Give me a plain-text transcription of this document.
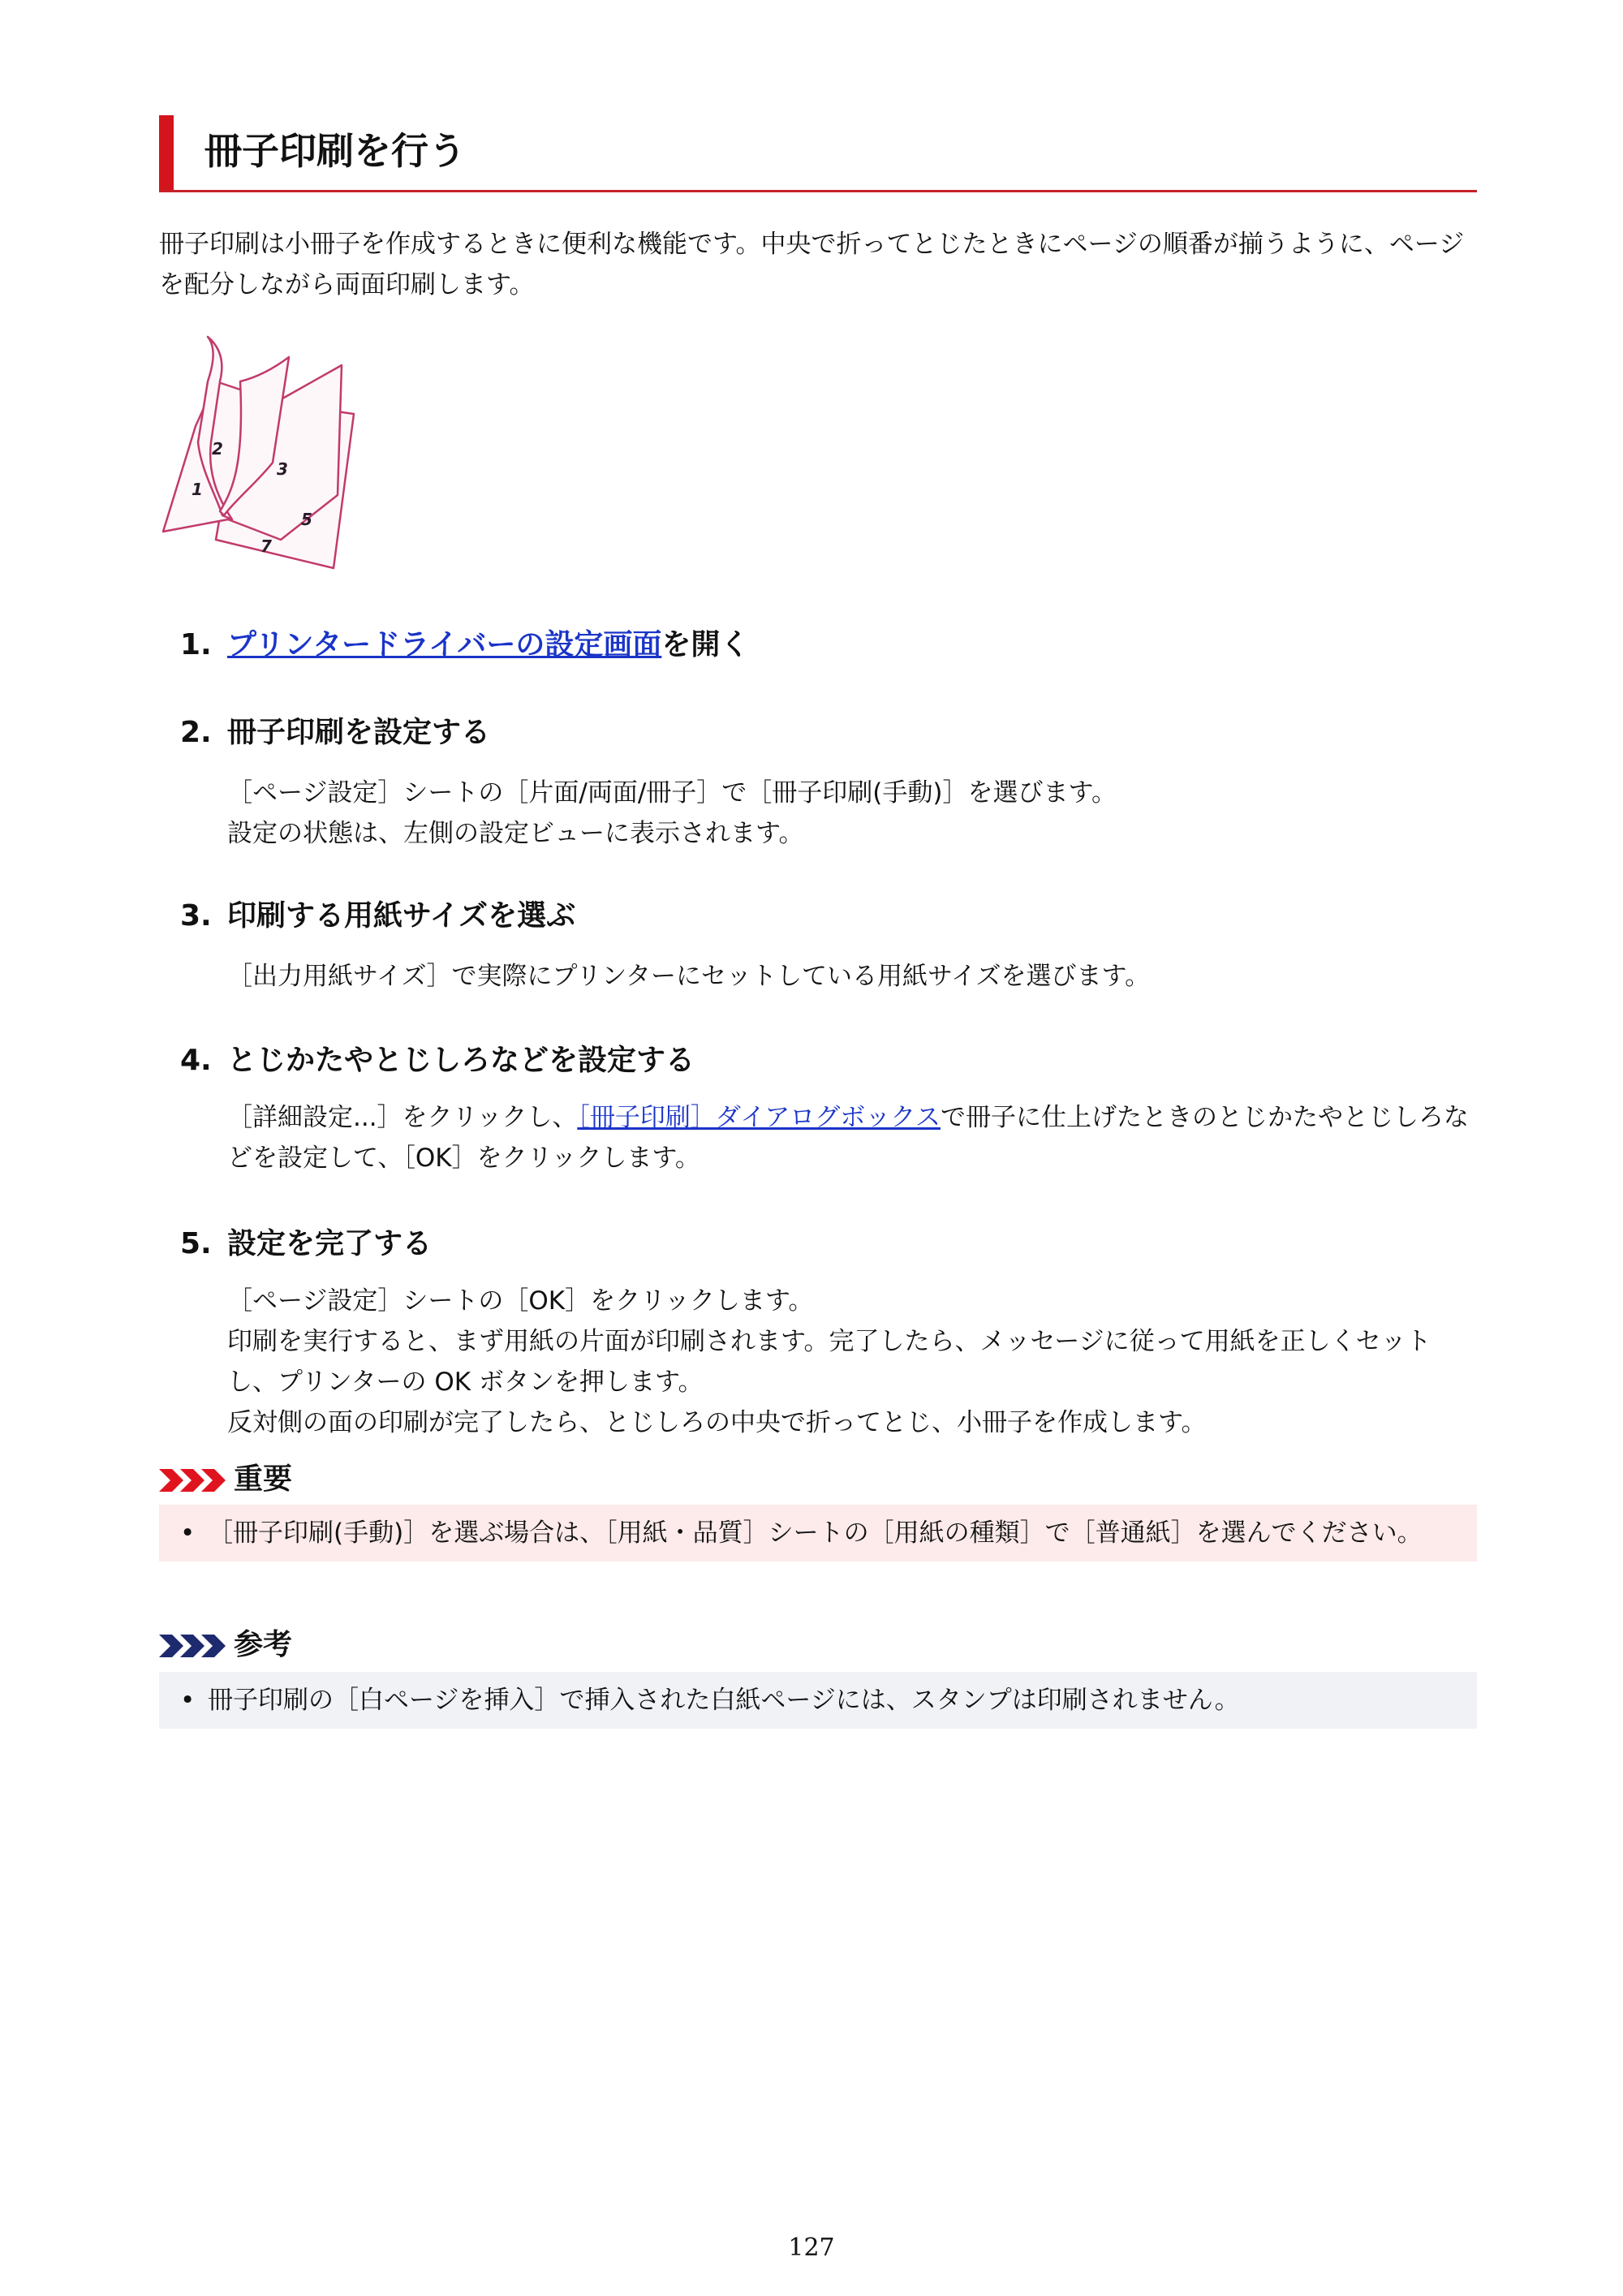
冊子印刷を行う
冊子印刷は小冊子を作成するときに便利な機能です。中央で折ってとじたときにページの順番が揃うように、ページを配分しながら両面印刷します。
1
2
3
5
7
1. プリンタードライバーの設定画面を開く
2. 冊子印刷を設定する

［ページ設定］シートの［片面/両面/冊子］で［冊子印刷(手動)］を選びます。

設定の状態は、左側の設定ビューに表示されます。

3. 印刷する用紙サイズを選ぶ

［出力用紙サイズ］で実際にプリンターにセットしている用紙サイズを選びます。

4. とじかたやとじしろなどを設定する

［詳細設定...］をクリックし、［冊子印刷］ダイアログボックスで冊子に仕上げたときのとじかたやとじしろなどを設定して、［OK］をクリックします。

5. 設定を完了する

［ページ設定］シートの［OK］をクリックします。

印刷を実行すると、まず用紙の片面が印刷されます。完了したら、メッセージに従って用紙を正しくセットし、プリンターの OK ボタンを押します。

反対側の面の印刷が完了したら、とじしろの中央で折ってとじ、小冊子を作成します。

重要
• ［冊子印刷(手動)］を選ぶ場合は、［用紙・品質］シートの［用紙の種類］で［普通紙］を選んでください。
参考
• 冊子印刷の［白ページを挿入］で挿入された白紙ページには、スタンプは印刷されません。
127
